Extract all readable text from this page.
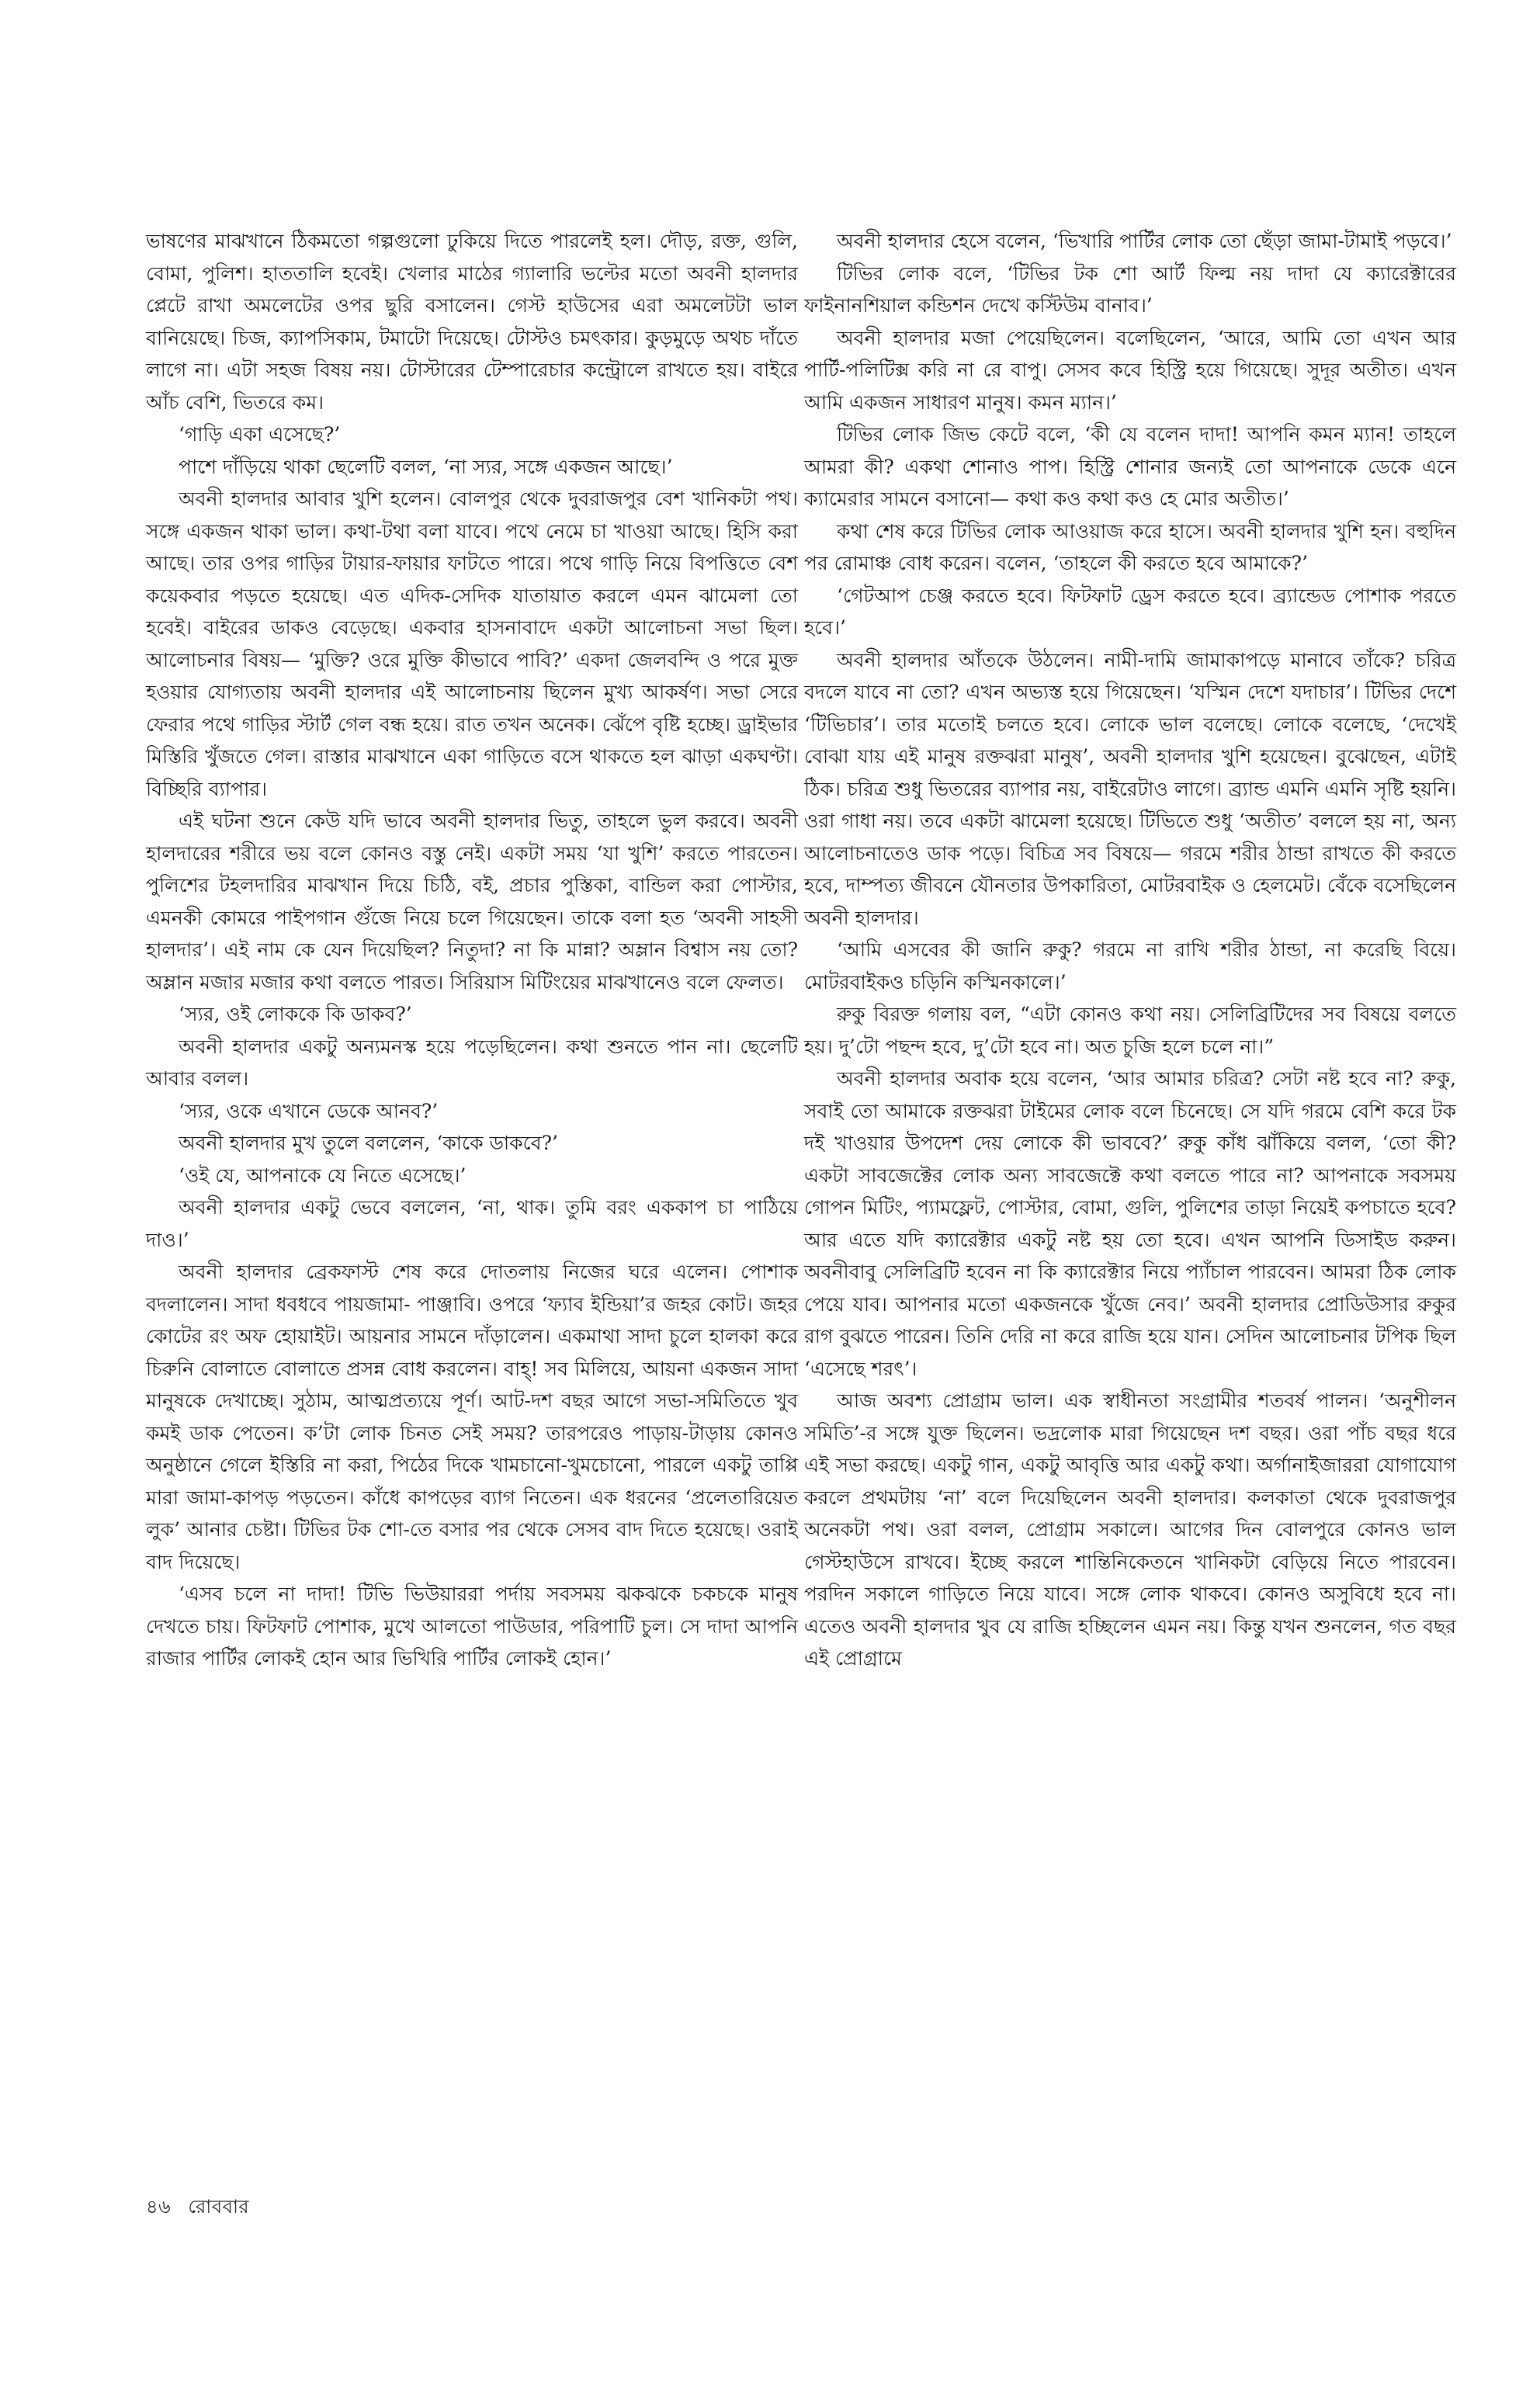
ভাষণের মাঝখানে ঠিকমতো গল্পগুলো ঢুকিয়ে দিতে পারলেই হল। দৌড়, রক্ত, গুলি, বোমা, পুলিশ। হাততালি হবেই। খেলার মাঠের গ্যালারি ভল্টের মতো অবনী হালদার প্লেটে রাখা অমলেটের ওপর ছুরি বসালেন। গেস্ট হাউসের এরা অমলেটটা ভাল বানিয়েছে। চিজ, ক্যাপসিকাম, টমাটো দিয়েছে। টোস্টও চমৎকার। কুড়মুড়ে অথচ দাঁতে লাগে না। এটা সহজ বিষয় নয়। টোস্টারের টেম্পারেচার কন্ট্রোলে রাখতে হয়। বাইরে আঁচ বেশি, ভিতরে কম।

‘গাড়ি একা এসেছে?’

পাশে দাঁড়িয়ে থাকা ছেলেটি বলল, ‘না স্যর, সঙ্গে একজন আছে।’

অবনী হালদার আবার খুশি হলেন। বোলপুর থেকে দুবরাজপুর বেশ খানিকটা পথ। সঙ্গে একজন থাকা ভাল। কথা-টথা বলা যাবে। পথে নেমে চা খাওয়া আছে। হিসি করা আছে। তার ওপর গাড়ির টায়ার-ফায়ার ফাটতে পারে। পথে গাড়ি নিয়ে বিপত্তিতে বেশ কয়েকবার পড়তে হয়েছে। এত এদিক-সেদিক যাতায়াত করলে এমন ঝামেলা তো হবেই। বাইরের ডাকও বেড়েছে। একবার হাসনাবাদে একটা আলোচনা সভা ছিল। আলোচনার বিষয়— ‘মুক্তি? ওরে মুক্তি কীভাবে পাবি?’ একদা জেলবন্দি ও পরে মুক্ত হওয়ার যোগ্যতায় অবনী হালদার এই আলোচনায় ছিলেন মুখ্য আকর্ষণ। সভা সেরে ফেরার পথে গাড়ির স্টার্ট গেল বন্ধ হয়ে। রাত তখন অনেক। ঝেঁপে বৃষ্টি হচ্ছে। ড্রাইভার মিস্তিরি খুঁজতে গেল। রাস্তার মাঝখানে একা গাড়িতে বসে থাকতে হল ঝাড়া একঘণ্টা। বিচ্ছিরি ব্যাপার।

এই ঘটনা শুনে কেউ যদি ভাবে অবনী হালদার ভিতু, তাহলে ভুল করবে। অবনী হালদারের শরীরে ভয় বলে কোনও বস্তু নেই। একটা সময় ‘যা খুশি’ করতে পারতেন। পুলিশের টহলদারির মাঝখান দিয়ে চিঠি, বই, প্রচার পুস্তিকা, বান্ডিল করা পোস্টার, এমনকী কোমরে পাইপগান গুঁজে নিয়ে চলে গিয়েছেন। তাকে বলা হত ‘অবনী সাহসী হালদার’। এই নাম কে যেন দিয়েছিল? নিতুদা? না কি মান্না? অম্লান বিশ্বাস নয় তো? অম্লান মজার মজার কথা বলতে পারত। সিরিয়াস মিটিংয়ের মাঝখানেও বলে ফেলত।

‘স্যর, ওই লোককে কি ডাকব?’

অবনী হালদার একটু অন্যমনস্ক হয়ে পড়েছিলেন। কথা শুনতে পান না। ছেলেটি আবার বলল।

‘স্যর, ওকে এখানে ডেকে আনব?’

অবনী হালদার মুখ তুলে বললেন, ‘কাকে ডাকবে?’

‘ওই যে, আপনাকে যে নিতে এসেছে।’

অবনী হালদার একটু ভেবে বললেন, ‘না, থাক। তুমি বরং এককাপ চা পাঠিয়ে দাও।’

অবনী হালদার ব্রেকফাস্ট শেষ করে দোতলায় নিজের ঘরে এলেন। পোশাক বদলালেন। সাদা ধবধবে পায়জামা- পাঞ্জাবি। ওপরে ‘ফ্যাব ইন্ডিয়া’র জহর কোট। জহর কোটের রং অফ হোয়াইট। আয়নার সামনে দাঁড়ালেন। একমাথা সাদা চুলে হালকা করে চিরুনি বোলাতে বোলাতে প্রসন্ন বোধ করলেন। বাহ্! সব মিলিয়ে, আয়না একজন সাদা মানুষকে দেখাচ্ছে। সুঠাম, আত্মপ্রত্যয়ে পূর্ণ। আট-দশ বছর আগে সভা-সমিতিতে খুব কমই ডাক পেতেন। ক’টা লোক চিনত সেই সময়? তারপরেও পাড়ায়-টাড়ায় কোনও অনুষ্ঠানে গেলে ইস্তিরি না করা, পিঠের দিকে খামচানো-খুমচোনো, পারলে একটু তাপ্পি মারা জামা-কাপড় পড়তেন। কাঁধে কাপড়ের ব্যাগ নিতেন। এক ধরনের ‘প্রলেতারিয়েত লুক’ আনার চেষ্টা। টিভির টক শো-তে বসার পর থেকে সেসব বাদ দিতে হয়েছে। ওরাই বাদ দিয়েছে।

‘এসব চলে না দাদা! টিভি ভিউয়াররা পর্দায় সবসময় ঝকঝকে চকচকে মানুষ দেখতে চায়। ফিটফাট পোশাক, মুখে আলতো পাউডার, পরিপাটি চুল। সে দাদা আপনি রাজার পার্টির লোকই হোন আর ভিখিরি পার্টির লোকই হোন।’

অবনী হালদার হেসে বলেন, ‘ভিখারি পার্টির লোক তো ছেঁড়া জামা-টামাই পড়বে।’

টিভির লোক বলে, ‘টিভির টক শো আর্ট ফিল্ম নয় দাদা যে ক্যারেক্টারের ফাইনানশিয়াল কন্ডিশন দেখে কস্টিউম বানাব।’

অবনী হালদার মজা পেয়েছিলেন। বলেছিলেন, ‘আরে, আমি তো এখন আর পার্টি-পলিটিক্স করি না রে বাপু। সেসব কবে হিস্ট্রি হয়ে গিয়েছে। সুদূর অতীত। এখন আমি একজন সাধারণ মানুষ। কমন ম্যান।’

টিভির লোক জিভ কেটে বলে, ‘কী যে বলেন দাদা! আপনি কমন ম্যান! তাহলে আমরা কী? একথা শোনাও পাপ। হিস্ট্রি শোনার জন্যই তো আপনাকে ডেকে এনে ক্যামেরার সামনে বসানো— কথা কও কথা কও হে মোর অতীত।’

কথা শেষ করে টিভির লোক আওয়াজ করে হাসে। অবনী হালদার খুশি হন। বহুদিন পর রোমাঞ্চ বোধ করেন। বলেন, ‘তাহলে কী করতে হবে আমাকে?’

‘গেটআপ চেঞ্জ করতে হবে। ফিটফাট ড্রেস করতে হবে। ব্র্যান্ডেড পোশাক পরতে হবে।’

অবনী হালদার আঁতকে উঠলেন। নামী-দামি জামাকাপড়ে মানাবে তাঁকে? চরিত্র বদলে যাবে না তো? এখন অভ্যস্ত হয়ে গিয়েছেন। ‘যস্মিন দেশে যদাচার’। টিভির দেশে ‘টিভিচার’। তার মতোই চলতে হবে। লোকে ভাল বলেছে। লোকে বলেছে, ‘দেখেই বোঝা যায় এই মানুষ রক্তঝরা মানুষ’, অবনী হালদার খুশি হয়েছেন। বুঝেছেন, এটাই ঠিক। চরিত্র শুধু ভিতরের ব্যাপার নয়, বাইরেটাও লাগে। ব্র্যান্ড এমনি এমনি সৃষ্টি হয়নি। ওরা গাধা নয়। তবে একটা ঝামেলা হয়েছে। টিভিতে শুধু ‘অতীত’ বললে হয় না, অন্য আলোচনাতেও ডাক পড়ে। বিচিত্র সব বিষয়ে— গরমে শরীর ঠান্ডা রাখতে কী করতে হবে, দাম্পত্য জীবনে যৌনতার উপকারিতা, মোটরবাইক ও হেলমেট। বেঁকে বসেছিলেন অবনী হালদার।

‘আমি এসবের কী জানি রুকু? গরমে না রাখি শরীর ঠান্ডা, না করেছি বিয়ে। মোটরবাইকও চড়িনি কস্মিনকালে।’

রুকু বিরক্ত গলায় বল, “এটা কোনও কথা নয়। সেলিব্রিটিদের সব বিষয়ে বলতে হয়। দু’টো পছন্দ হবে, দু’টো হবে না। অত চুজি হলে চলে না।”

অবনী হালদার অবাক হয়ে বলেন, ‘আর আমার চরিত্র? সেটা নষ্ট হবে না? রুকু, সবাই তো আমাকে রক্তঝরা টাইমের লোক বলে চিনেছে। সে যদি গরমে বেশি করে টক দই খাওয়ার উপদেশ দেয় লোকে কী ভাববে?’ রুকু কাঁধ ঝাঁকিয়ে বলল, ‘তো কী? একটা সাবজেক্টের লোক অন্য সাবজেক্টে কথা বলতে পারে না? আপনাকে সবসময় গোপন মিটিং, প্যামফ্লেট, পোস্টার, বোমা, গুলি, পুলিশের তাড়া নিয়েই কপচাতে হবে? আর এতে যদি ক্যারেক্টার একটু নষ্ট হয় তো হবে। এখন আপনি ডিসাইড করুন। অবনীবাবু সেলিব্রিটি হবেন না কি ক্যারেক্টার নিয়ে প্যাঁচাল পারবেন। আমরা ঠিক লোক পেয়ে যাব। আপনার মতো একজনকে খুঁজে নেব।’ অবনী হালদার প্রোডিউসার রুকুর রাগ বুঝতে পারেন। তিনি দেরি না করে রাজি হয়ে যান। সেদিন আলোচনার টপিক ছিল ‘এসেছে শরৎ’।

আজ অবশ্য প্রোগ্রাম ভাল। এক স্বাধীনতা সংগ্রামীর শতবর্ষ পালন। ‘অনুশীলন সমিতি’-র সঙ্গে যুক্ত ছিলেন। ভদ্রলোক মারা গিয়েছেন দশ বছর। ওরা পাঁচ বছর ধরে এই সভা করছে। একটু গান, একটু আবৃত্তি আর একটু কথা। অর্গানাইজাররা যোগাযোগ করলে প্রথমটায় ‘না’ বলে দিয়েছিলেন অবনী হালদার। কলকাতা থেকে দুবরাজপুর অনেকটা পথ। ওরা বলল, প্রোগ্রাম সকালে। আগের দিন বোলপুরে কোনও ভাল গেস্টহাউসে রাখবে। ইচ্ছে করলে শান্তিনিকেতনে খানিকটা বেড়িয়ে নিতে পারবেন। পরদিন সকালে গাড়িতে নিয়ে যাবে। সঙ্গে লোক থাকবে। কোনও অসুবিধে হবে না। এতেও অবনী হালদার খুব যে রাজি হচ্ছিলেন এমন নয়। কিন্তু যখন শুনলেন, গত বছর এই প্রোগ্রামে

৪৬ রোববার
